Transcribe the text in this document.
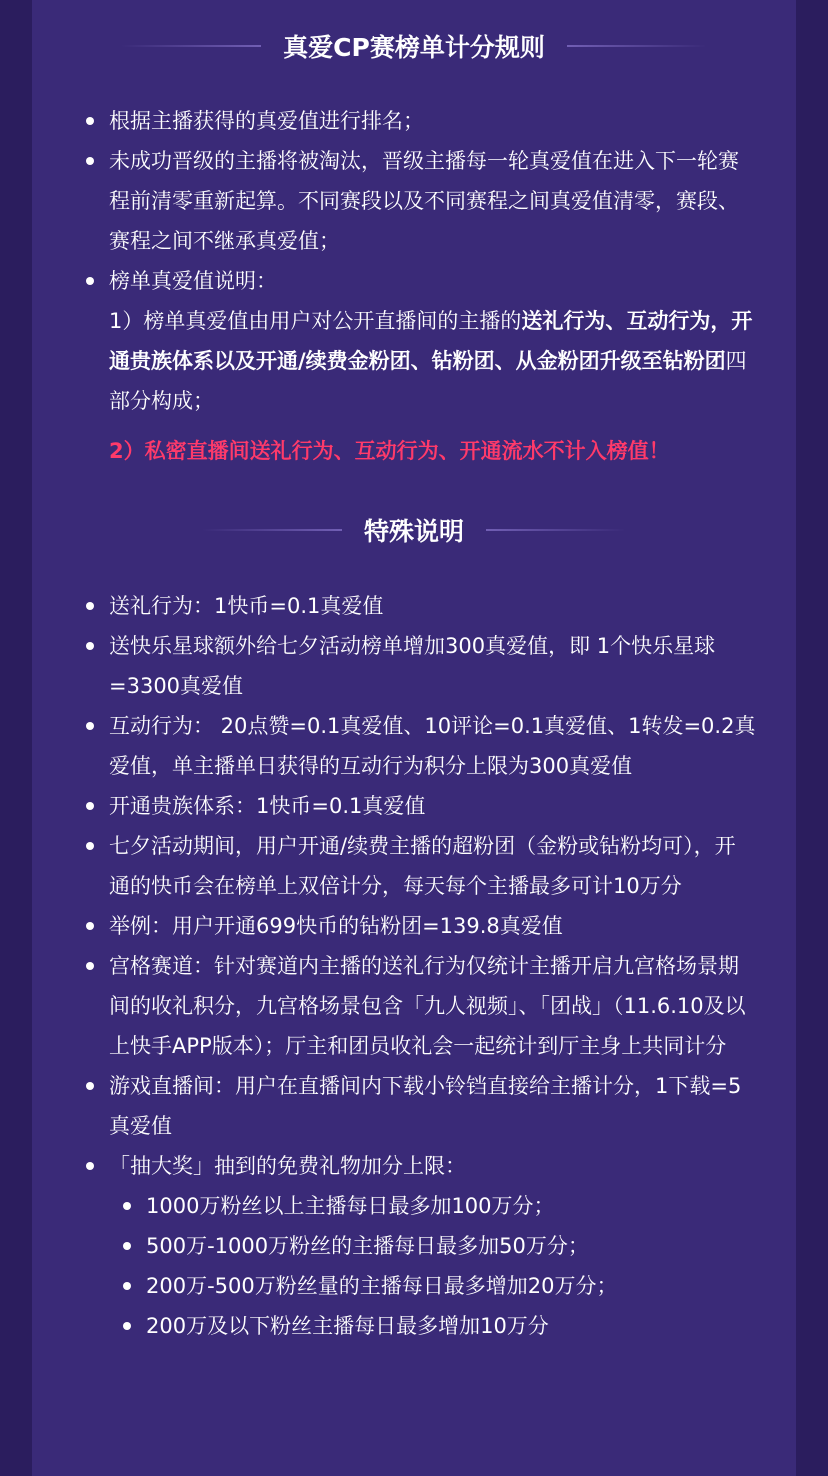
真爱CP赛榜单计分规则
根据主播获得的真爱值进行排名；
未成功晋级的主播将被淘汰，晋级主播每一轮真爱值在进入下一轮赛程前清零重新起算。不同赛段以及不同赛程之间真爱值清零，赛段、赛程之间不继承真爱值；
榜单真爱值说明：
1）榜单真爱值由用户对公开直播间的主播的送礼行为、互动行为，开通贵族体系以及开通/续费金粉团、钻粉团、从金粉团升级至钻粉团四部分构成；
2）私密直播间送礼行为、互动行为、开通流水不计入榜值！
特殊说明
送礼行为：1快币=0.1真爱值
送快乐星球额外给七夕活动榜单增加300真爱值，即 1个快乐星球=3300真爱值
互动行为： 20点赞=0.1真爱值、10评论=0.1真爱值、1转发=0.2真爱值，单主播单日获得的互动行为积分上限为300真爱值
开通贵族体系：1快币=0.1真爱值
七夕活动期间，用户开通/续费主播的超粉团（金粉或钻粉均可），开通的快币会在榜单上双倍计分，每天每个主播最多可计10万分
举例：用户开通699快币的钻粉团=139.8真爱值
宫格赛道：针对赛道内主播的送礼行为仅统计主播开启九宫格场景期间的收礼积分，九宫格场景包含「九人视频」、「团战」（11.6.10及以上快手APP版本）；厅主和团员收礼会一起统计到厅主身上共同计分
游戏直播间：用户在直播间内下载小铃铛直接给主播计分，1下载=5真爱值
「抽大奖」抽到的免费礼物加分上限：
1000万粉丝以上主播每日最多加100万分；
500万-1000万粉丝的主播每日最多加50万分；
200万-500万粉丝量的主播每日最多增加20万分；
200万及以下粉丝主播每日最多增加10万分
